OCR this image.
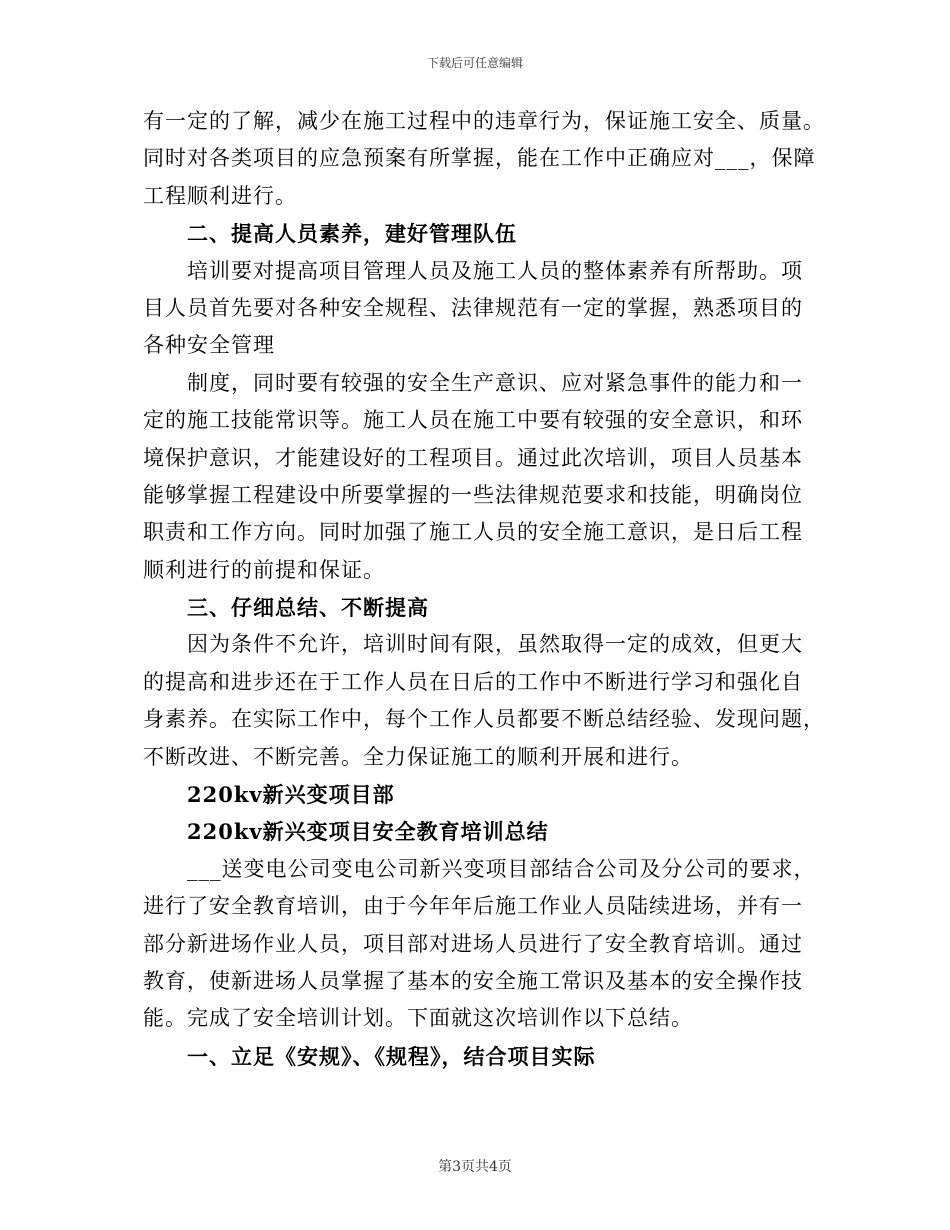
下载后可任意编辑
有一定的了解，减少在施工过程中的违章行为，保证施工安全、质量。
同时对各类项目的应急预案有所掌握，能在工作中正确应对___，保障
工程顺利进行。
二、提高人员素养，建好管理队伍
培训要对提高项目管理人员及施工人员的整体素养有所帮助。项
目人员首先要对各种安全规程、法律规范有一定的掌握，熟悉项目的
各种安全管理
制度，同时要有较强的安全生产意识、应对紧急事件的能力和一
定的施工技能常识等。施工人员在施工中要有较强的安全意识，和环
境保护意识，才能建设好的工程项目。通过此次培训，项目人员基本
能够掌握工程建设中所要掌握的一些法律规范要求和技能，明确岗位
职责和工作方向。同时加强了施工人员的安全施工意识，是日后工程
顺利进行的前提和保证。
三、仔细总结、不断提高
因为条件不允许，培训时间有限，虽然取得一定的成效，但更大
的提高和进步还在于工作人员在日后的工作中不断进行学习和强化自
身素养。在实际工作中，每个工作人员都要不断总结经验、发现问题，
不断改进、不断完善。全力保证施工的顺利开展和进行。
220kv新兴变项目部
220kv新兴变项目安全教育培训总结
___送变电公司变电公司新兴变项目部结合公司及分公司的要求，
进行了安全教育培训，由于今年年后施工作业人员陆续进场，并有一
部分新进场作业人员，项目部对进场人员进行了安全教育培训。通过
教育，使新进场人员掌握了基本的安全施工常识及基本的安全操作技
能。完成了安全培训计划。下面就这次培训作以下总结。
一、立足《安规》、《规程》，结合项目实际
第3页共4页
